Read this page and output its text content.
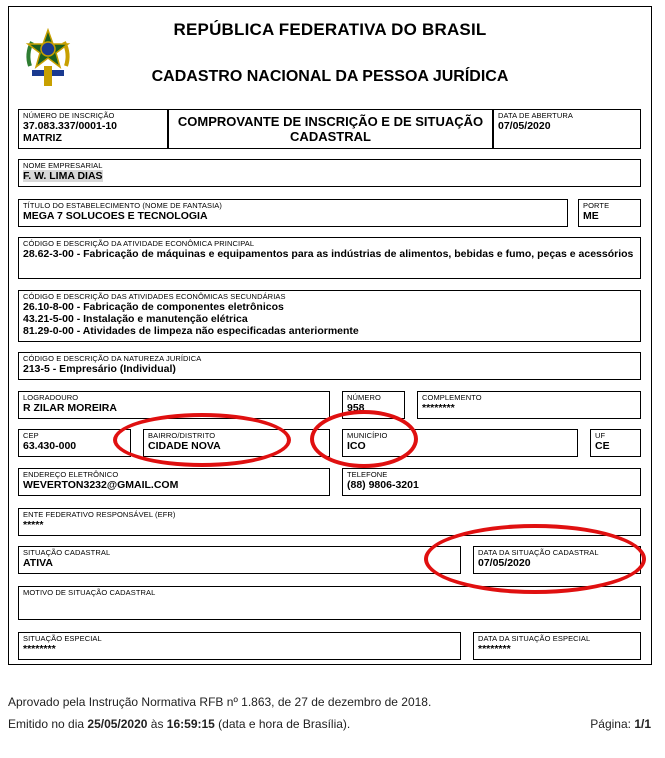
REPÚBLICA FEDERATIVA DO BRASIL
CADASTRO NACIONAL DA PESSOA JURÍDICA
NÚMERO DE INSCRIÇÃO
37.083.337/0001-10
MATRIZ
COMPROVANTE DE INSCRIÇÃO E DE SITUAÇÃO
CADASTRAL
DATA DE ABERTURA
07/05/2020
NOME EMPRESARIAL
F. W. LIMA DIAS
TÍTULO DO ESTABELECIMENTO (NOME DE FANTASIA)
MEGA 7 SOLUCOES E TECNOLOGIA
PORTE
ME
CÓDIGO E DESCRIÇÃO DA ATIVIDADE ECONÔMICA PRINCIPAL
28.62-3-00 - Fabricação de máquinas e equipamentos para as indústrias de alimentos, bebidas e fumo, peças e acessórios
CÓDIGO E DESCRIÇÃO DAS ATIVIDADES ECONÔMICAS SECUNDÁRIAS
26.10-8-00 - Fabricação de componentes eletrônicos
43.21-5-00 - Instalação e manutenção elétrica
81.29-0-00 - Atividades de limpeza não especificadas anteriormente
CÓDIGO E DESCRIÇÃO DA NATUREZA JURÍDICA
213-5 - Empresário (Individual)
LOGRADOURO
R ZILAR MOREIRA
NÚMERO
958
COMPLEMENTO
********
CEP
63.430-000
BAIRRO/DISTRITO
CIDADE NOVA
MUNICÍPIO
ICO
UF
CE
ENDEREÇO ELETRÔNICO
WEVERTON3232@GMAIL.COM
TELEFONE
(88) 9806-3201
ENTE FEDERATIVO RESPONSÁVEL (EFR)
*****
SITUAÇÃO CADASTRAL
ATIVA
DATA DA SITUAÇÃO CADASTRAL
07/05/2020
MOTIVO DE SITUAÇÃO CADASTRAL
SITUAÇÃO ESPECIAL
********
DATA DA SITUAÇÃO ESPECIAL
********
Aprovado pela Instrução Normativa RFB nº 1.863, de 27 de dezembro de 2018.
Emitido no dia 25/05/2020 às 16:59:15 (data e hora de Brasília).	Página: 1/1
